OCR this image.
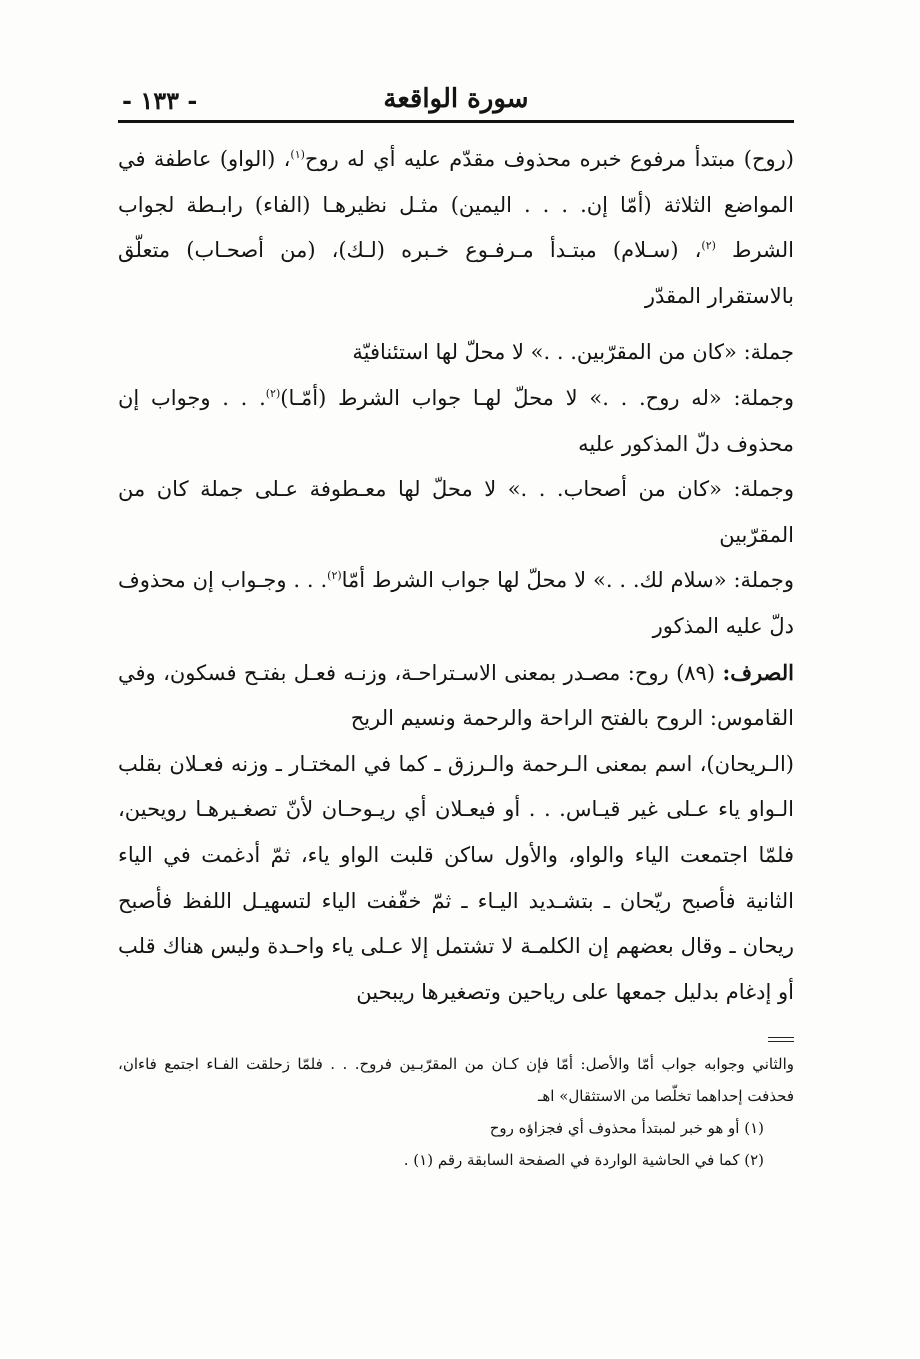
سورة الواقعة
- ١٣٣ -

(روح) مبتدأ مرفوع خبره محذوف مقدّم عليه أي له روح$^{(١)}$، (الواو) عاطفة في المواضع الثلاثة (أمّا إن. . . . اليمين) مثـل نظيرهـا (الفاء) رابـطة لجواب الشرط $^{(٢)}$، (سـلام) مبتـدأ مـرفـوع خـبره (لـك)، (من أصحـاب) متعلّق بالاستقرار المقدّر

جملة: «كان من المقرّبين. . .» لا محلّ لها استئنافيّة

وجملة: «له روح. . .» لا محلّ لهـا جواب الشرط (أمّـا)$^{(٢)}$. . . وجواب إن محذوف دلّ المذكور عليه

وجملة: «كان من أصحاب. . .» لا محلّ لها معـطوفة عـلى جملة كان من المقرّبين

وجملة: «سلام لك. . .» لا محلّ لها جواب الشرط أمّا$^{(٢)}$. . . وجـواب إن محذوف دلّ عليه المذكور

الصرف: (٨٩) روح: مصـدر بمعنى الاسـتراحـة، وزنـه فعـل بفتـح فسكون، وفي القاموس: الروح بالفتح الراحة والرحمة ونسيم الريح

(الـريحان)، اسم بمعنى الـرحمة والـرزق ـ كما في المختـار ـ وزنه فعـلان بقلب الـواو ياء عـلى غير قيـاس. . . أو فيعـلان أي ريـوحـان لأنّ تصغـيرهـا رويحين، فلمّا اجتمعت الياء والواو، والأول ساكن قلبت الواو ياء، ثمّ أدغمت في الياء الثانية فأصبح ريّحان ـ بتشـديد اليـاء ـ ثمّ خفّفت الياء لتسهيـل اللفظ فأصبح ريحان ـ وقال بعضهم إن الكلمـة لا تشتمل إلا عـلى ياء واحـدة وليس هناك قلب أو إدغام بدليل جمعها على رياحين وتصغيرها ريبحين

والثاني وجوابه جواب أمّا والأصل: أمّا فإن كـان من المقرّبـين فروح. . . فلمّا زحلقت الفـاء اجتمع فاءان، فحذفت إحداهما تخلّصا من الاستثقال» اهـ

(١) أو هو خبر لمبتدأ محذوف أي فجزاؤه روح

(٢) كما في الحاشية الواردة في الصفحة السابقة رقم (١) .
